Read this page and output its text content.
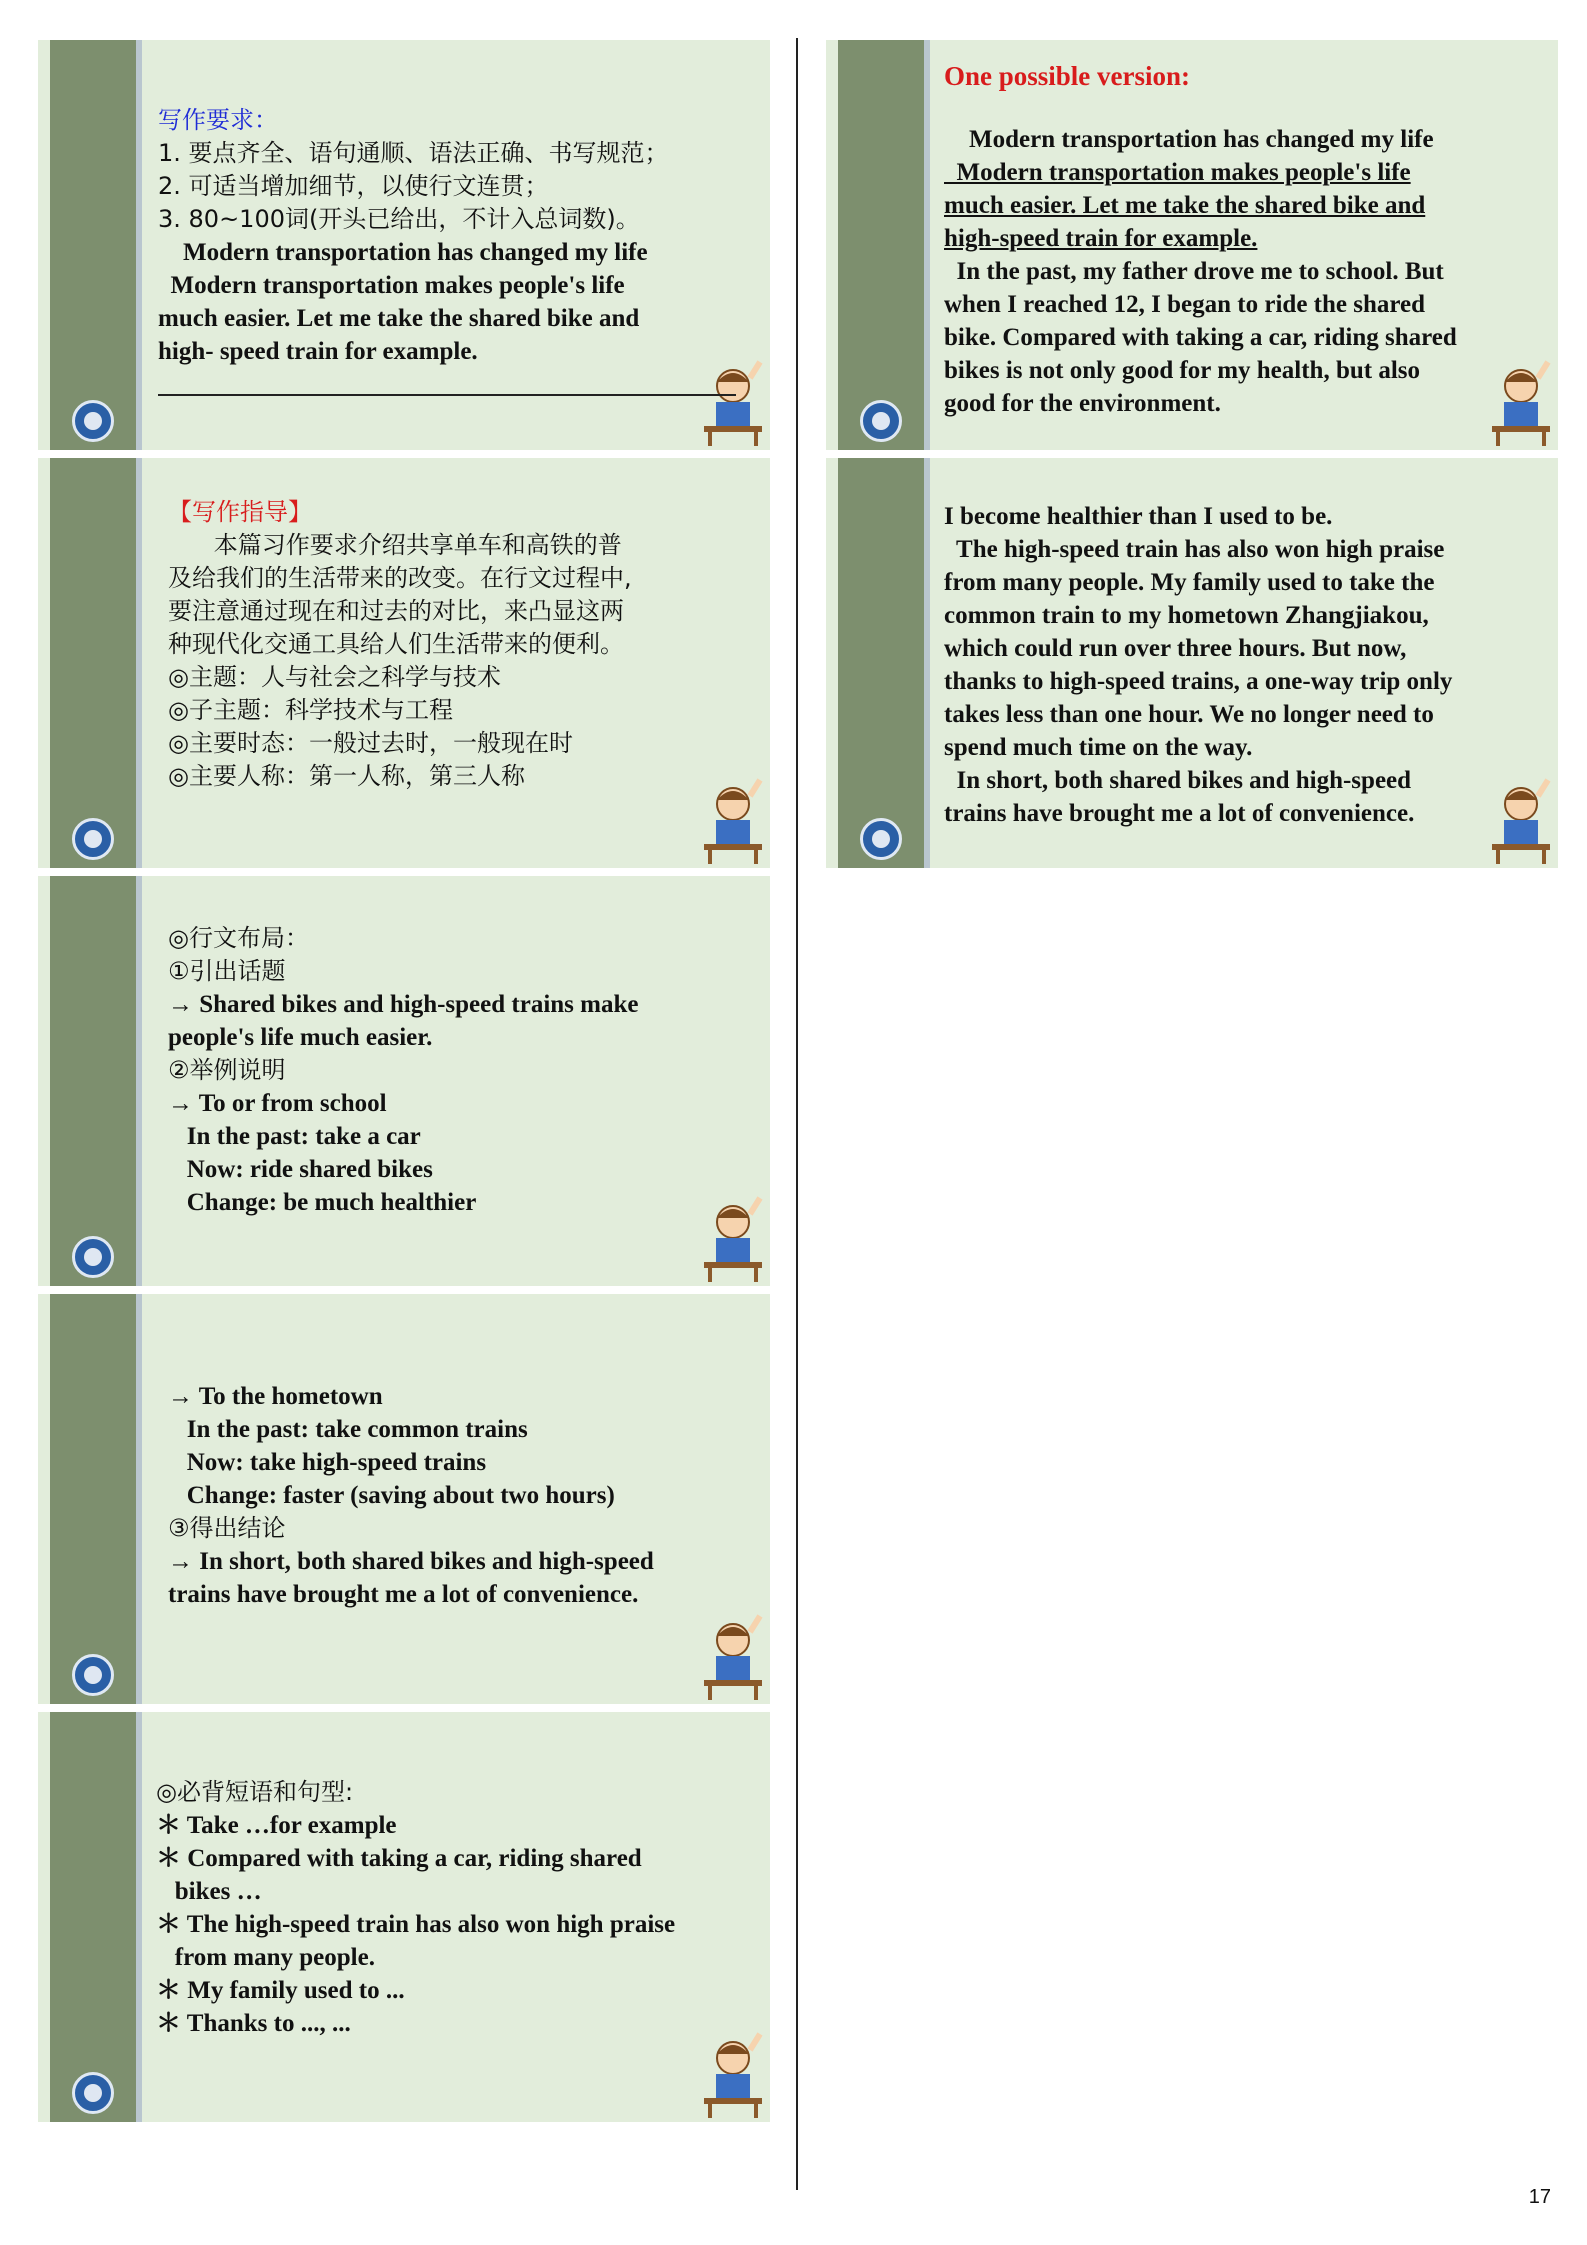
写作要求：
1. 要点齐全、语句通顺、语法正确、书写规范；
2. 可适当增加细节，以使行文连贯；
3. 80~100词(开头已给出，不计入总词数)。
Modern transportation has changed my life
Modern transportation makes people's life
much easier. Let me take the shared bike and
high- speed train for example.
【写作指导】
本篇习作要求介绍共享单车和高铁的普
及给我们的生活带来的改变。在行文过程中,
要注意通过现在和过去的对比，来凸显这两
种现代化交通工具给人们生活带来的便利。
◎主题：人与社会之科学与技术
◎子主题：科学技术与工程
◎主要时态：一般过去时，一般现在时
◎主要人称：第一人称，第三人称
◎行文布局：
①引出话题
→ Shared bikes and high-speed trains make
people's life much easier.
②举例说明
→ To or from school
In the past: take a car
Now: ride shared bikes
Change: be much healthier
→ To the hometown
In the past: take common trains
Now: take high-speed trains
Change: faster (saving about two hours)
③得出结论
→ In short, both shared bikes and high-speed
trains have brought me a lot of convenience.
◎必背短语和句型:
＊ Take …for example
＊ Compared with taking a car, riding shared
bikes …
＊ The high-speed train has also won high praise
from many people.
＊ My family used to ...
＊ Thanks to ..., ...
One possible version:
Modern transportation has changed my life
Modern transportation makes people's life
much easier. Let me take the shared bike and
high-speed train for example.
In the past, my father drove me to school. But
when I reached 12, I began to ride the shared
bike. Compared with taking a car, riding shared
bikes is not only good for my health, but also
good for the environment.
I become healthier than I used to be.
The high-speed train has also won high praise
from many people. My family used to take the
common train to my hometown Zhangjiakou,
which could run over three hours. But now,
thanks to high-speed trains, a one-way trip only
takes less than one hour. We no longer need to
spend much time on the way.
In short, both shared bikes and high-speed
trains have brought me a lot of convenience.
17
